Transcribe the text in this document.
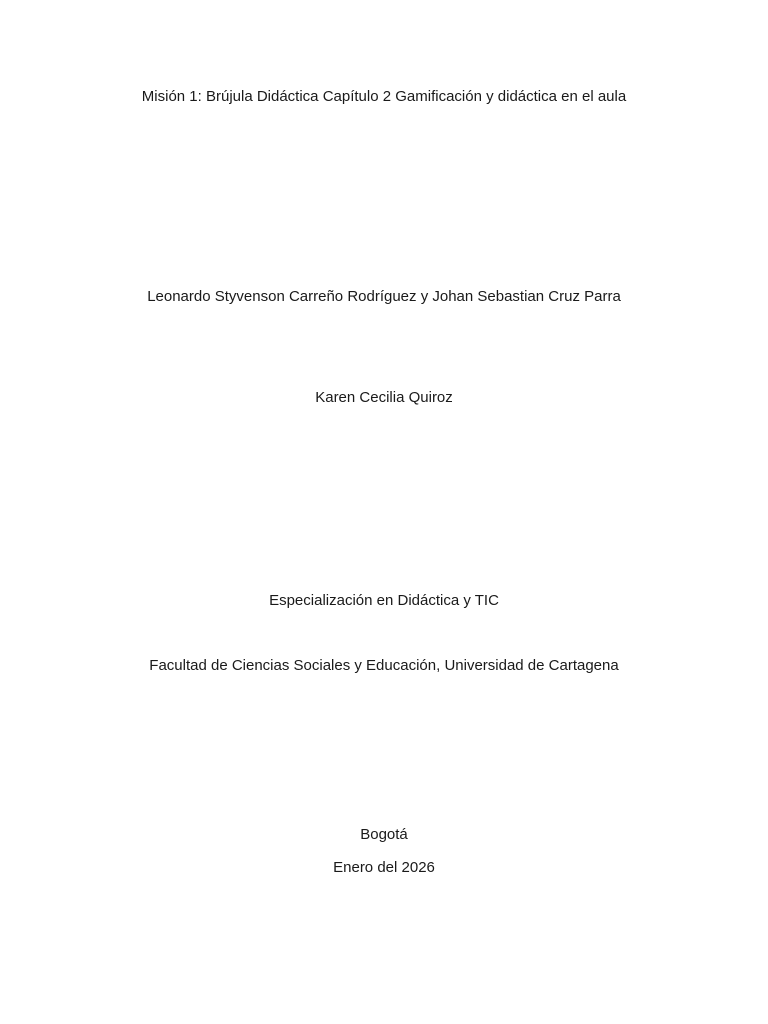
Misión 1: Brújula Didáctica Capítulo 2 Gamificación y didáctica en el aula
Leonardo Styvenson Carreño Rodríguez y Johan Sebastian Cruz Parra
Karen Cecilia Quiroz
Especialización en Didáctica y TIC
Facultad de Ciencias Sociales y Educación, Universidad de Cartagena
Bogotá
Enero del 2026
